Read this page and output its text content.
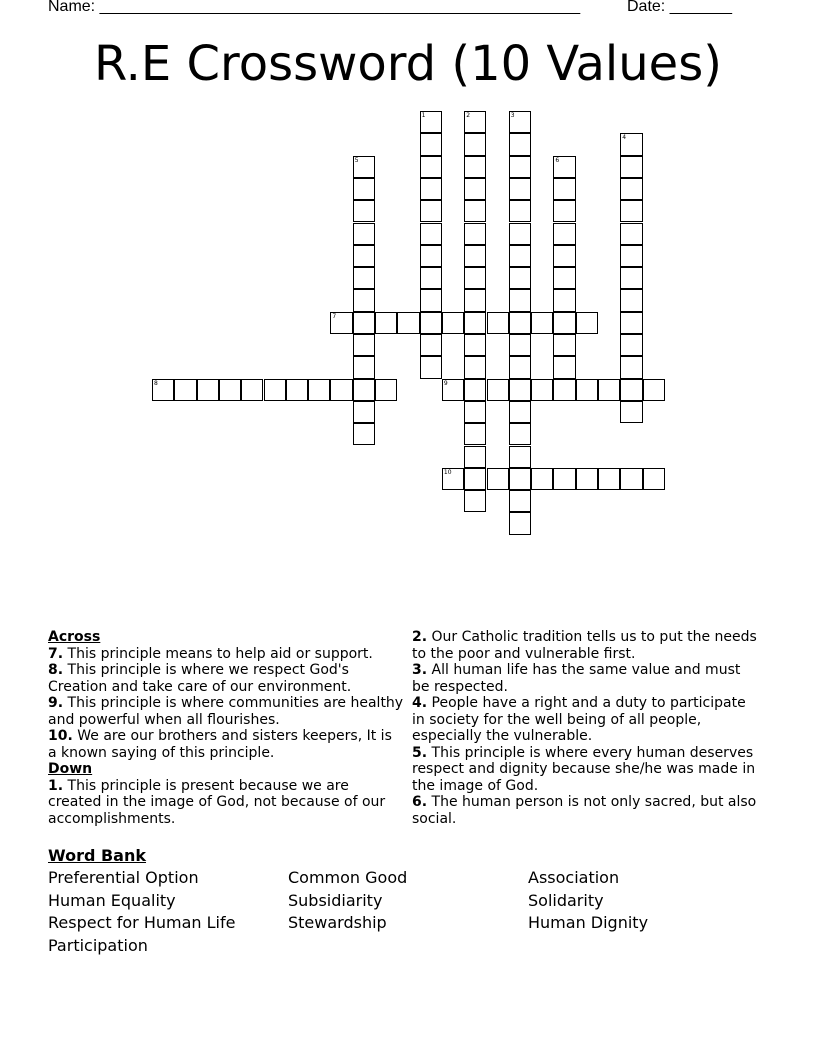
Name: ______________________________________________________	Date: _______
R.E Crossword (10 Values)
1	2	3
4
5	6
7
8	9
10
Across
7. This principle means to help aid or support.
8. This principle is where we respect God's Creation and take care of our environment.
9. This principle is where communities are healthy and powerful when all flourishes.
10. We are our brothers and sisters keepers, It is a known saying of this principle.
Down
1. This principle is present because we are created in the image of God, not because of our accomplishments.
2. Our Catholic tradition tells us to put the needs to the poor and vulnerable first.
3. All human life has the same value and must be respected.
4. People have a right and a duty to participate in society for the well being of all people, especially the vulnerable.
5. This principle is where every human deserves respect and dignity because she/he was made in the image of God.
6. The human person is not only sacred, but also social.
Word Bank
Preferential Option	Common Good	Association
Human Equality	Subsidiarity	Solidarity
Respect for Human Life	Stewardship	Human Dignity
Participation
